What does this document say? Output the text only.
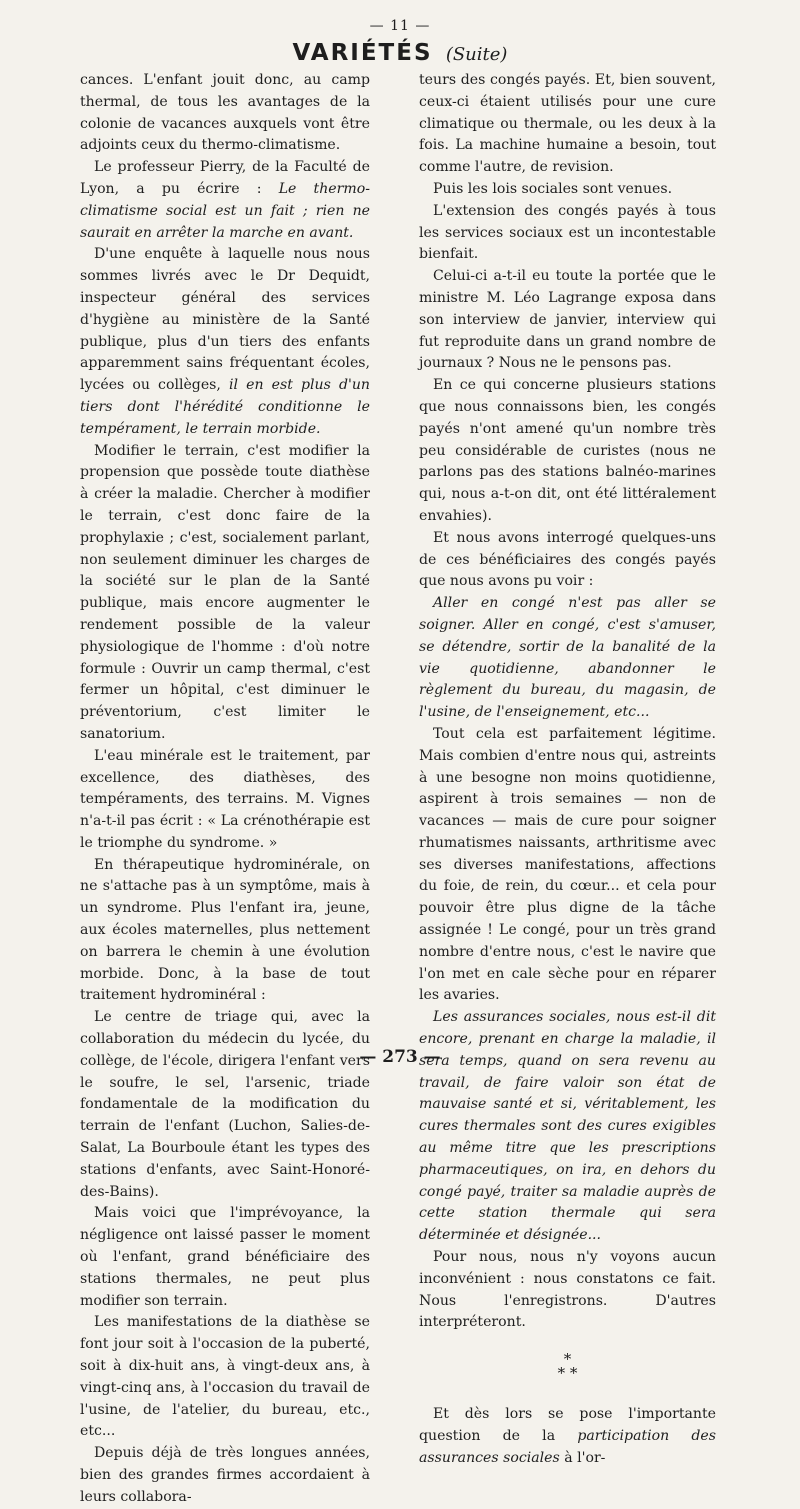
— 11 —
VARIÉTÉS (Suite)

cances. L'enfant jouit donc, au camp thermal, de tous les avantages de la colonie de vacances auxquels vont être adjoints ceux du thermo-climatisme.

Le professeur Pierry, de la Faculté de Lyon, a pu écrire : Le thermo-climatisme social est un fait ; rien ne saurait en arrêter la marche en avant.

D'une enquête à laquelle nous nous sommes livrés avec le Dr Dequidt, inspecteur général des services d'hygiène au ministère de la Santé publique, plus d'un tiers des enfants apparemment sains fréquentant écoles, lycées ou collèges, il en est plus d'un tiers dont l'hérédité conditionne le tempérament, le terrain morbide.

Modifier le terrain, c'est modifier la propension que possède toute diathèse à créer la maladie. Chercher à modifier le terrain, c'est donc faire de la prophylaxie ; c'est, socialement parlant, non seulement diminuer les charges de la société sur le plan de la Santé publique, mais encore augmenter le rendement possible de la valeur physiologique de l'homme : d'où notre formule : Ouvrir un camp thermal, c'est fermer un hôpital, c'est diminuer le préventorium, c'est limiter le sanatorium.

L'eau minérale est le traitement, par excellence, des diathèses, des tempéraments, des terrains. M. Vignes n'a-t-il pas écrit : « La crénothérapie est le triomphe du syndrome. »

En thérapeutique hydrominérale, on ne s'attache pas à un symptôme, mais à un syndrome. Plus l'enfant ira, jeune, aux écoles maternelles, plus nettement on barrera le chemin à une évolution morbide. Donc, à la base de tout traitement hydrominéral :

Le centre de triage qui, avec la collaboration du médecin du lycée, du collège, de l'école, dirigera l'enfant vers le soufre, le sel, l'arsenic, triade fondamentale de la modification du terrain de l'enfant (Luchon, Salies-de-Salat, La Bourboule étant les types des stations d'enfants, avec Saint-Honoré-des-Bains).

Mais voici que l'imprévoyance, la négligence ont laissé passer le moment où l'enfant, grand bénéficiaire des stations thermales, ne peut plus modifier son terrain.

Les manifestations de la diathèse se font jour soit à l'occasion de la puberté, soit à dix-huit ans, à vingt-deux ans, à vingt-cinq ans, à l'occasion du travail de l'usine, de l'atelier, du bureau, etc., etc...

Depuis déjà de très longues années, bien des grandes firmes accordaient à leurs collabora-

teurs des congés payés. Et, bien souvent, ceux-ci étaient utilisés pour une cure climatique ou thermale, ou les deux à la fois. La machine humaine a besoin, tout comme l'autre, de revision.

Puis les lois sociales sont venues.

L'extension des congés payés à tous les services sociaux est un incontestable bienfait.

Celui-ci a-t-il eu toute la portée que le ministre M. Léo Lagrange exposa dans son interview de janvier, interview qui fut reproduite dans un grand nombre de journaux ? Nous ne le pensons pas.

En ce qui concerne plusieurs stations que nous connaissons bien, les congés payés n'ont amené qu'un nombre très peu considérable de curistes (nous ne parlons pas des stations balnéo-marines qui, nous a-t-on dit, ont été littéralement envahies).

Et nous avons interrogé quelques-uns de ces bénéficiaires des congés payés que nous avons pu voir :

Aller en congé n'est pas aller se soigner. Aller en congé, c'est s'amuser, se détendre, sortir de la banalité de la vie quotidienne, abandonner le règlement du bureau, du magasin, de l'usine, de l'enseignement, etc...

Tout cela est parfaitement légitime. Mais combien d'entre nous qui, astreints à une besogne non moins quotidienne, aspirent à trois semaines — non de vacances — mais de cure pour soigner rhumatismes naissants, arthritisme avec ses diverses manifestations, affections du foie, de rein, du cœur... et cela pour pouvoir être plus digne de la tâche assignée ! Le congé, pour un très grand nombre d'entre nous, c'est le navire que l'on met en cale sèche pour en réparer les avaries.

Les assurances sociales, nous est-il dit encore, prenant en charge la maladie, il sera temps, quand on sera revenu au travail, de faire valoir son état de mauvaise santé et si, véritablement, les cures thermales sont des cures exigibles au même titre que les prescriptions pharmaceutiques, on ira, en dehors du congé payé, traiter sa maladie auprès de cette station thermale qui sera déterminée et désignée...

Pour nous, nous n'y voyons aucun inconvénient : nous constatons ce fait. Nous l'enregistrons. D'autres interpréteront.

*
* *

Et dès lors se pose l'importante question de la participation des assurances sociales à l'or-

— 273 —
